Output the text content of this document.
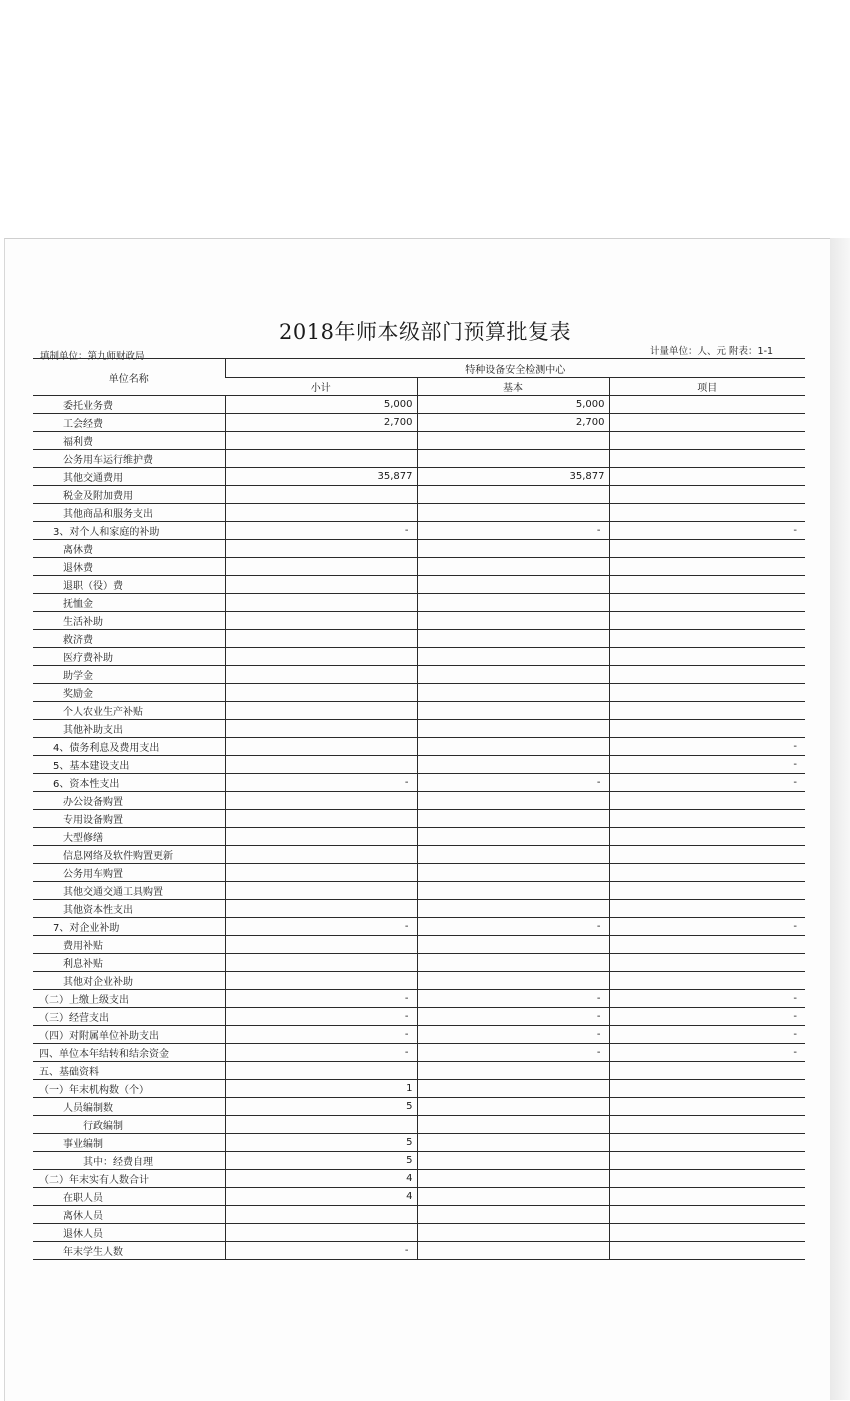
2018年师本级部门预算批复表
填制单位：第九师财政局	计量单位：人、元 附表：1-1
单位名称	特种设备安全检测中心		
	小计	基本	项目
委托业务费	5,000	5,000	
工会经费	2,700	2,700	
福利费			
公务用车运行维护费			
其他交通费用	35,877	35,877	
税金及附加费用			
其他商品和服务支出			
3、对个人和家庭的补助	-	-	-
离休费			
退休费			
退职（役）费			
抚恤金			
生活补助			
救济费			
医疗费补助			
助学金			
奖励金			
个人农业生产补贴			
其他补助支出			
4、债务利息及费用支出			-
5、基本建设支出			-
6、资本性支出	-	-	-
办公设备购置			
专用设备购置			
大型修缮			
信息网络及软件购置更新			
公务用车购置			
其他交通交通工具购置			
其他资本性支出			
7、对企业补助	-	-	-
费用补贴			
利息补贴			
其他对企业补助			
（二）上缴上级支出	-	-	-
（三）经营支出	-	-	-
（四）对附属单位补助支出	-	-	-
四、单位本年结转和结余资金	-	-	-
五、基础资料			
（一）年末机构数（个）	1		
人员编制数	5		
行政编制			
事业编制	5		
其中：经费自理	5		
（二）年末实有人数合计	4		
在职人员	4		
离休人员			
退休人员			
年末学生人数	-		
